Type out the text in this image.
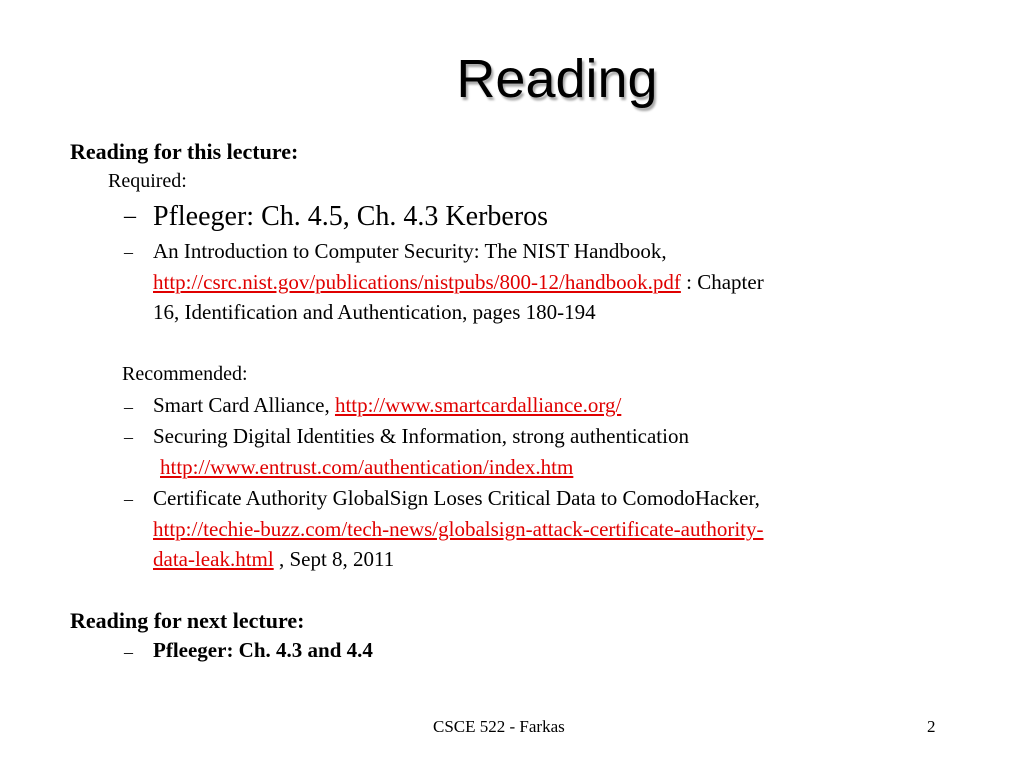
Reading
Reading for this lecture:
Required:
– Pfleeger: Ch. 4.5, Ch. 4.3 Kerberos
– An Introduction to Computer Security: The NIST Handbook,
http://csrc.nist.gov/publications/nistpubs/800-12/handbook.pdf : Chapter
16, Identification and Authentication, pages 180-194
Recommended:
– Smart Card Alliance, http://www.smartcardalliance.org/
– Securing Digital Identities & Information, strong authentication
http://www.entrust.com/authentication/index.htm
– Certificate Authority GlobalSign Loses Critical Data to ComodoHacker,
http://techie-buzz.com/tech-news/globalsign-attack-certificate-authority-
data-leak.html , Sept 8, 2011
Reading for next lecture:
– Pfleeger: Ch. 4.3 and 4.4
CSCE 522 - Farkas	2
